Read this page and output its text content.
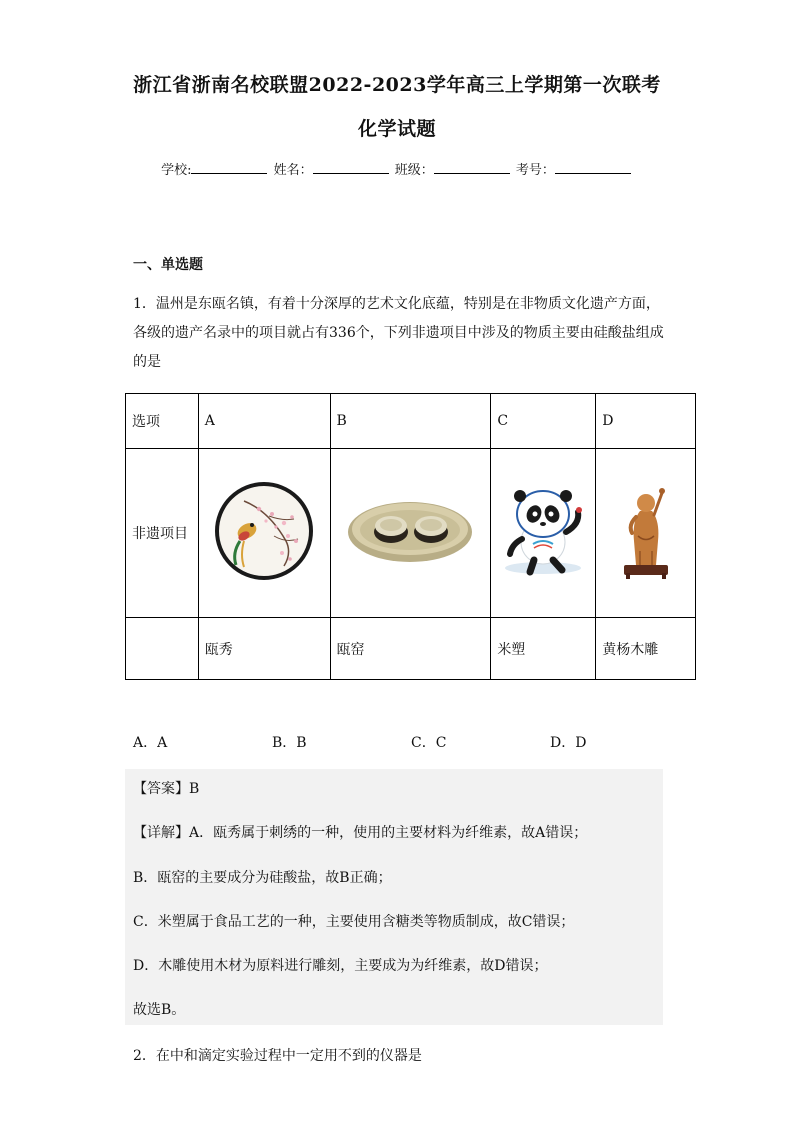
浙江省浙南名校联盟2022-2023学年高三上学期第一次联考
化学试题
学校:	姓名：	班级：	考号：
一、单选题

1．温州是东瓯名镇，有着十分深厚的艺术文化底蕴，特别是在非物质文化遗产方面，

各级的遗产名录中的项目就占有336个，下列非遗项目中涉及的物质主要由硅酸盐组成

的是

选项	A	B	C	D
非遗项目				
	瓯秀	瓯窑	米塑	黄杨木雕
A．A	B．B	C．C	D．D
【答案】B
【详解】A．瓯秀属于刺绣的一种，使用的主要材料为纤维素，故A错误；
B．瓯窑的主要成分为硅酸盐，故B正确；
C．米塑属于食品工艺的一种，主要使用含糖类等物质制成，故C错误；
D．木雕使用木材为原料进行雕刻，主要成为为纤维素，故D错误；
故选B。
2．在中和滴定实验过程中一定用不到的仪器是
